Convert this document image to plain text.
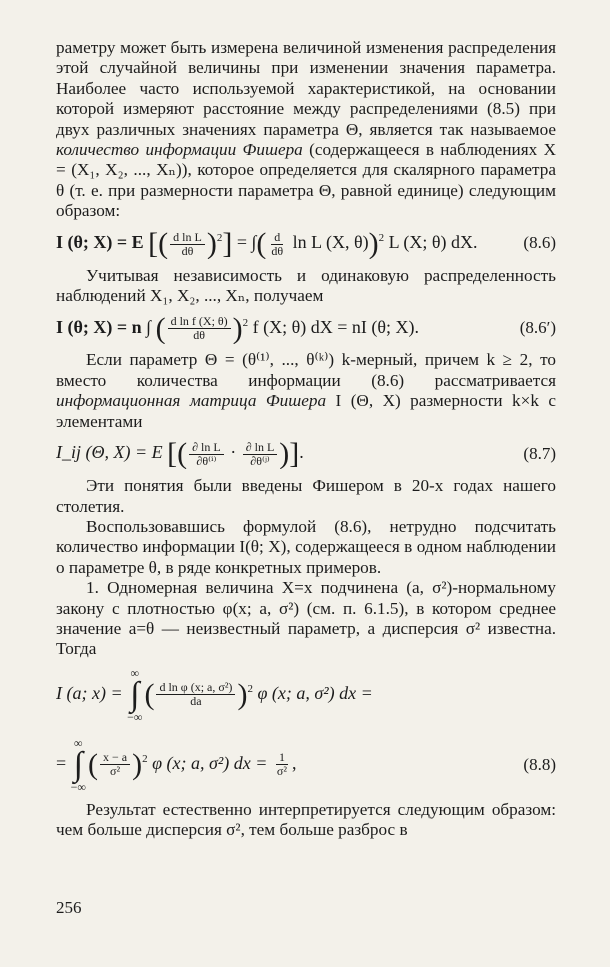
раметру может быть измерена величиной изменения распределения этой случайной величины при изменении значения параметра. Наиболее часто используемой характеристикой, на основании которой измеряют расстояние между распределениями (8.5) при двух различных значениях параметра Θ, является так называемое количество информации Фишера (содержащееся в наблюдениях X = (X₁, X₂, ..., Xₙ)), которое определяется для скалярного параметра θ (т. е. при размерности параметра Θ, равной единице) следующим образом:

I (θ; X) = E [( $\frac{\text{d ln L}}{d\theta} )^2$] = ∫( $\frac{d}{d\theta}$ ln L (X, θ))$^2$ L (X; θ) dX.	(8.6)

Учитывая независимость и одинаковую распределенность наблюдений X₁, X₂, ..., Xₙ, получаем

I (θ; X) = n ∫ ( $\frac{\text{d ln f (X; θ)}}{d\theta} )^2$ f (X; θ) dX = nI (θ; X).	(8.6′)

Если параметр Θ = (θ⁽¹⁾, ..., θ⁽ᵏ⁾) k-мерный, причем k ≥ 2, то вместо количества информации (8.6) рассматривается информационная матрица Фишера I (Θ, X) размерности k×k с элементами

I_ij (Θ, X) = E [( $\frac{\text{∂ ln L}}{\text{∂θ⁽ⁱ⁾}} \cdot \frac{\text{∂ ln L}}{\text{∂θ⁽ʲ⁾}}$ )].	(8.7)

Эти понятия были введены Фишером в 20-х годах нашего столетия.

Воспользовавшись формулой (8.6), нетрудно подсчитать количество информации I(θ; X), содержащееся в одном наблюдении о параметре θ, в ряде конкретных примеров.

1. Одномерная величина X=x подчинена (a, σ²)-нормальному закону с плотностью φ(x; a, σ²) (см. п. 6.1.5), в котором среднее значение a=θ — неизвестный параметр, а дисперсия σ² известна. Тогда

I (a; x) =
∞
∫
−∞
( $\frac{\text{d ln φ (x; a, σ²)}}{da} )^2$ φ (x; a, σ²) dx =
=
∞
∫
−∞
( $\frac{x - a}{\text{σ²}} )^2$ φ (x; a, σ²) dx = $\frac{1}{\text{σ²}}$ ,	(8.8)

Результат естественно интерпретируется следующим образом: чем больше дисперсия σ², тем больше разброс в

256
